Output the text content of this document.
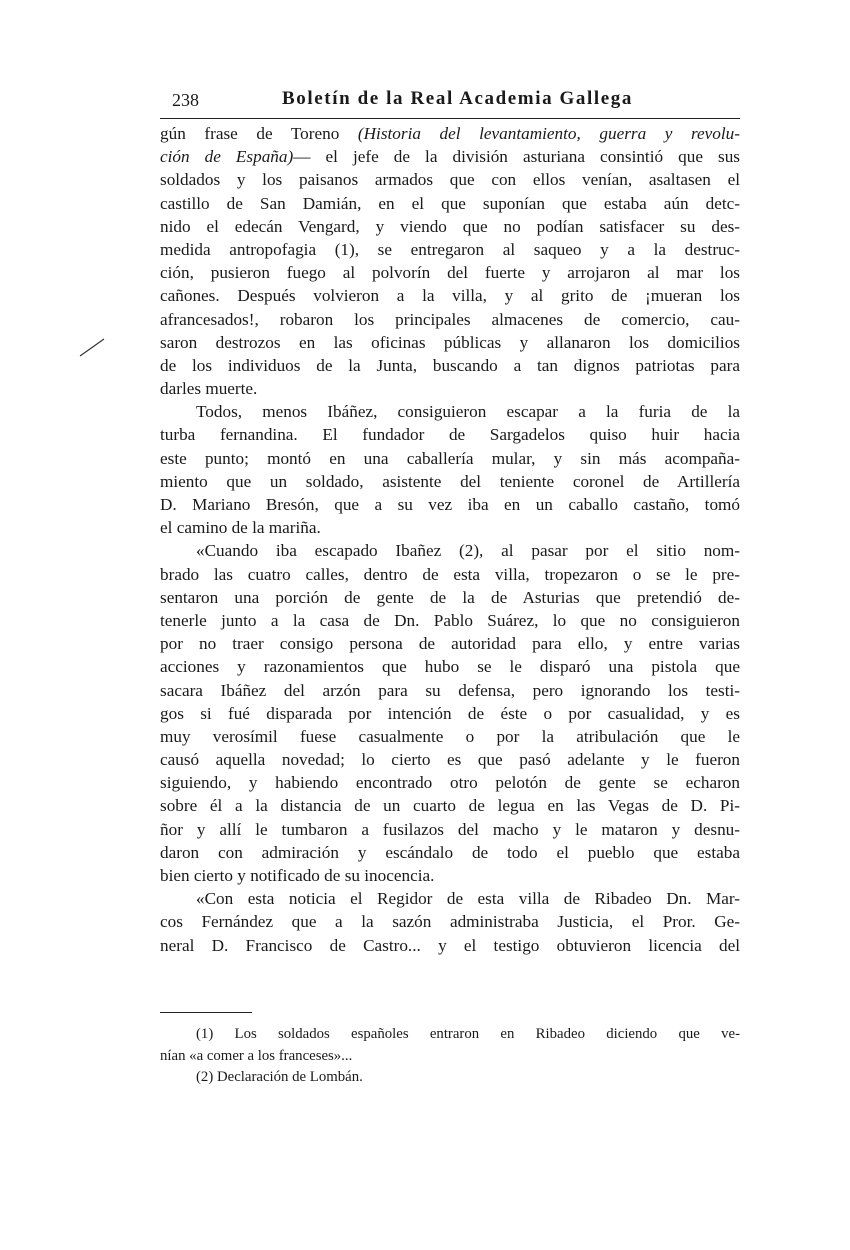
238	Boletín de la Real Academia Gallega
gún frase de Toreno (Historia del levantamiento, guerra y revolu-
ción de España)— el jefe de la división asturiana consintió que sus
soldados y los paisanos armados que con ellos venían, asaltasen el
castillo de San Damián, en el que suponían que estaba aún detc-
nido el edecán Vengard, y viendo que no podían satisfacer su des-
medida antropofagia (1), se entregaron al saqueo y a la destruc-
ción, pusieron fuego al polvorín del fuerte y arrojaron al mar los
cañones. Después volvieron a la villa, y al grito de ¡mueran los
afrancesados!, robaron los principales almacenes de comercio, cau-
saron destrozos en las oficinas públicas y allanaron los domicilios
de los individuos de la Junta, buscando a tan dignos patriotas para
darles muerte.
Todos, menos Ibáñez, consiguieron escapar a la furia de la
turba fernandina. El fundador de Sargadelos quiso huir hacia
este punto; montó en una caballería mular, y sin más acompaña-
miento que un soldado, asistente del teniente coronel de Artillería
D. Mariano Bresón, que a su vez iba en un caballo castaño, tomó
el camino de la mariña.
«Cuando iba escapado Ibañez (2), al pasar por el sitio nom-
brado las cuatro calles, dentro de esta villa, tropezaron o se le pre-
sentaron una porción de gente de la de Asturias que pretendió de-
tenerle junto a la casa de Dn. Pablo Suárez, lo que no consiguieron
por no traer consigo persona de autoridad para ello, y entre varias
acciones y razonamientos que hubo se le disparó una pistola que
sacara Ibáñez del arzón para su defensa, pero ignorando los testi-
gos si fué disparada por intención de éste o por casualidad, y es
muy verosímil fuese casualmente o por la atribulación que le
causó aquella novedad; lo cierto es que pasó adelante y le fueron
siguiendo, y habiendo encontrado otro pelotón de gente se echaron
sobre él a la distancia de un cuarto de legua en las Vegas de D. Pi-
ñor y allí le tumbaron a fusilazos del macho y le mataron y desnu-
daron con admiración y escándalo de todo el pueblo que estaba
bien cierto y notificado de su inocencia.
«Con esta noticia el Regidor de esta villa de Ribadeo Dn. Mar-
cos Fernández que a la sazón administraba Justicia, el Pror. Ge-
neral D. Francisco de Castro... y el testigo obtuvieron licencia del
(1) Los soldados españoles entraron en Ribadeo diciendo que ve-
nían «a comer a los franceses»...
(2) Declaración de Lombán.
